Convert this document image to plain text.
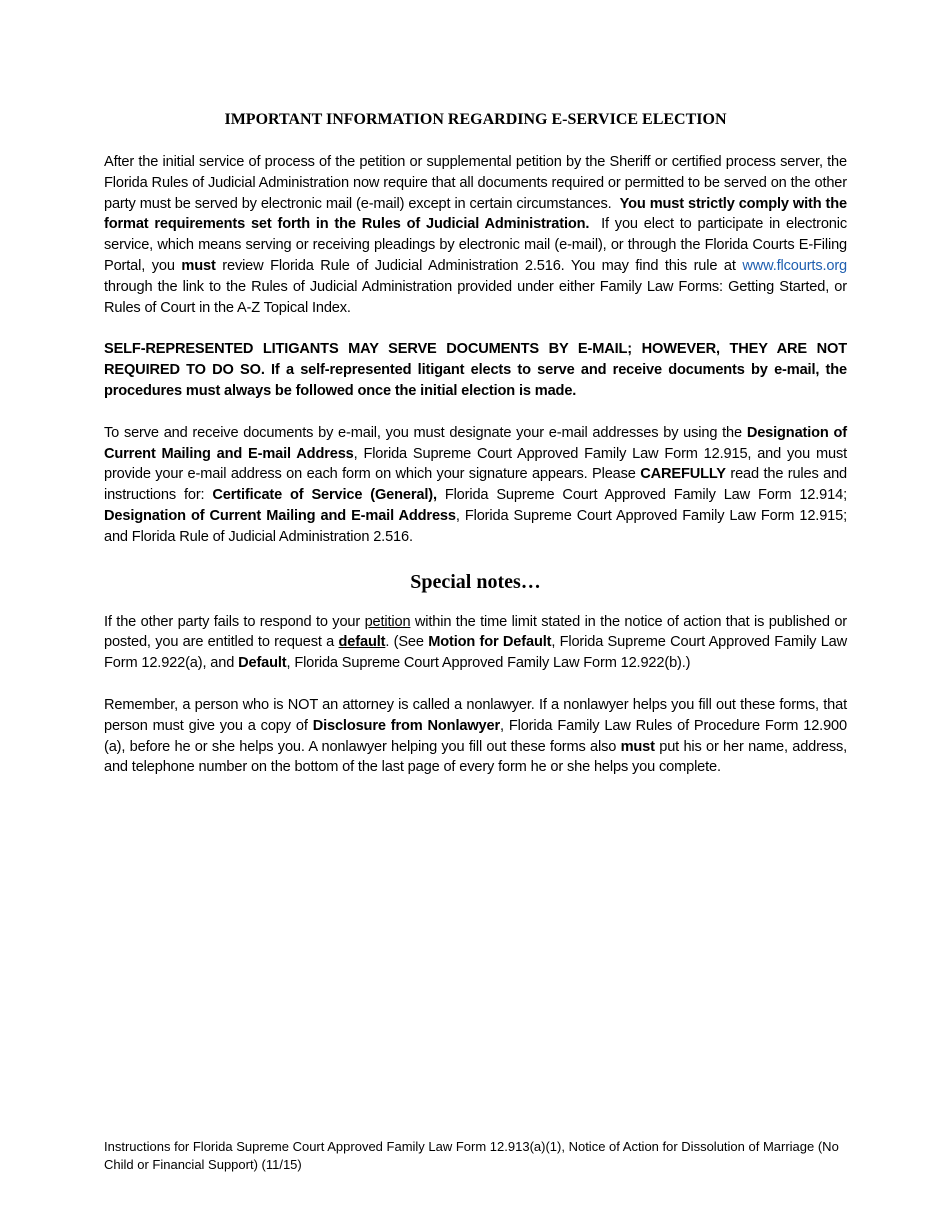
IMPORTANT INFORMATION REGARDING E-SERVICE ELECTION

After the initial service of process of the petition or supplemental petition by the Sheriff or certified process server, the Florida Rules of Judicial Administration now require that all documents required or permitted to be served on the other party must be served by electronic mail (e-mail) except in certain circumstances. You must strictly comply with the format requirements set forth in the Rules of Judicial Administration. If you elect to participate in electronic service, which means serving or receiving pleadings by electronic mail (e-mail), or through the Florida Courts E-Filing Portal, you must review Florida Rule of Judicial Administration 2.516. You may find this rule at www.flcourts.org through the link to the Rules of Judicial Administration provided under either Family Law Forms: Getting Started, or Rules of Court in the A-Z Topical Index.

SELF-REPRESENTED LITIGANTS MAY SERVE DOCUMENTS BY E-MAIL; HOWEVER, THEY ARE NOT REQUIRED TO DO SO. If a self-represented litigant elects to serve and receive documents by e-mail, the procedures must always be followed once the initial election is made.

To serve and receive documents by e-mail, you must designate your e-mail addresses by using the Designation of Current Mailing and E-mail Address, Florida Supreme Court Approved Family Law Form 12.915, and you must provide your e-mail address on each form on which your signature appears. Please CAREFULLY read the rules and instructions for: Certificate of Service (General), Florida Supreme Court Approved Family Law Form 12.914; Designation of Current Mailing and E-mail Address, Florida Supreme Court Approved Family Law Form 12.915; and Florida Rule of Judicial Administration 2.516.

Special notes…

If the other party fails to respond to your petition within the time limit stated in the notice of action that is published or posted, you are entitled to request a default. (See Motion for Default, Florida Supreme Court Approved Family Law Form 12.922(a), and Default, Florida Supreme Court Approved Family Law Form 12.922(b).)

Remember, a person who is NOT an attorney is called a nonlawyer. If a nonlawyer helps you fill out these forms, that person must give you a copy of Disclosure from Nonlawyer, Florida Family Law Rules of Procedure Form 12.900 (a), before he or she helps you. A nonlawyer helping you fill out these forms also must put his or her name, address, and telephone number on the bottom of the last page of every form he or she helps you complete.

Instructions for Florida Supreme Court Approved Family Law Form 12.913(a)(1), Notice of Action for Dissolution of Marriage (No Child or Financial Support) (11/15)
